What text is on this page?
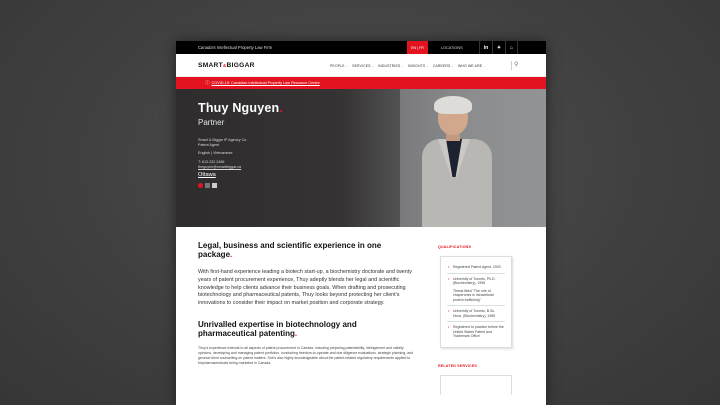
Canada's Intellectual Property Law Firm	EN | FR	LOCATIONS	in	✦	⌂
SMART&BIGGAR	PEOPLE ⌄	SERVICES ⌄	INDUSTRIES ⌄	INSIGHTS ⌄	CAREERS ⌄	WHO WE ARE ⌄	⚲
ⓘ COVID-19: Canadian Intellectual Property Law Resource Centre
Thuy Nguyen.
Partner
Smart & Biggar IP Agency Co.
Patent Agent
English | Vietnamese
T: 613.232.2486
thnguyen@smartbiggar.ca
Ottawa
Legal, business and scientific experience in one package.

With first-hand experience leading a biotech start-up, a biochemistry doctorate and twenty years of patent procurement experience, Thuy adeptly blends her legal and scientific knowledge to help clients advance their business goals. When drafting and prosecuting biotechnology and pharmaceutical patents, Thuy looks beyond protecting her client's innovations to consider their impact on market position and corporate strategy.

Unrivalled expertise in biotechnology and pharmaceutical patenting.

Thuy's experience extends to all aspects of patent procurement in Canada, including preparing patentability, infringement and validity opinions, developing and managing patent portfolios, conducting freedom-to-operate and due diligence evaluations, strategic planning, and general client counselling on patent matters. She's also highly knowledgeable about the patent-related regulatory requirements applied to biopharmaceuticals being marketed in Canada.

QUALIFICATIONS
• Registered Patent Agent, 2000
• University of Toronto, Ph.D. (Biochemistry), 1996
Thesis titled "The role of chaperones in intracellular protein trafficking"
• University of Toronto, B.Sc. Hons. (Biochemistry), 1989
• Registered to practice before the United States Patent and Trademark Office
RELATED SERVICES
